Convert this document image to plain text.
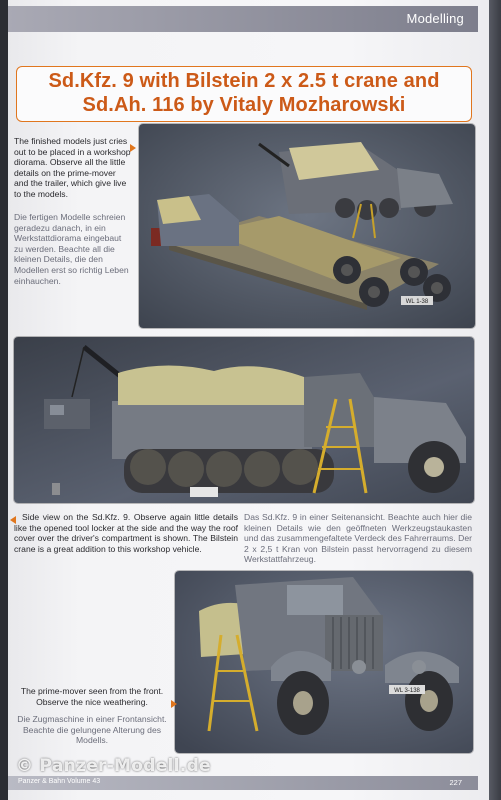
Modelling

Sd.Kfz. 9 with Bilstein 2 x 2.5 t crane and
Sd.Ah. 116 by Vitaly Mozharowski

The finished models just cries out to be placed in a workshop diorama. Observe all the little details on the prime-mover and the trailer, which give live to the models.
Die fertigen Modelle schreien geradezu danach, in ein Werkstattdiorama eingebaut zu werden. Beachte all die kleinen Details, die den Modellen erst so richtig Leben einhauchen.
WL 1-38
Side view on the Sd.Kfz. 9. Observe again little details like the opened tool locker at the side and the way the roof cover over the driver's compartment is shown. The Bilstein crane is a great addition to this workshop vehicle.
Das Sd.Kfz. 9 in einer Seitenansicht. Beachte auch hier die kleinen Details wie den geöffneten Werkzeugstaukasten und das zusammengefaltete Verdeck des Fahrerraums. Der 2 x 2,5 t Kran von Bilstein passt hervorragend zu diesem Werkstattfahrzeug.
WL 3-138
The prime-mover seen from the front. Observe the nice weathering.
Die Zugmaschine in einer Frontansicht. Beachte die gelungene Alterung des Modells.
Panzer & Bahn Volume 43	227
© Panzer-Modell.de
